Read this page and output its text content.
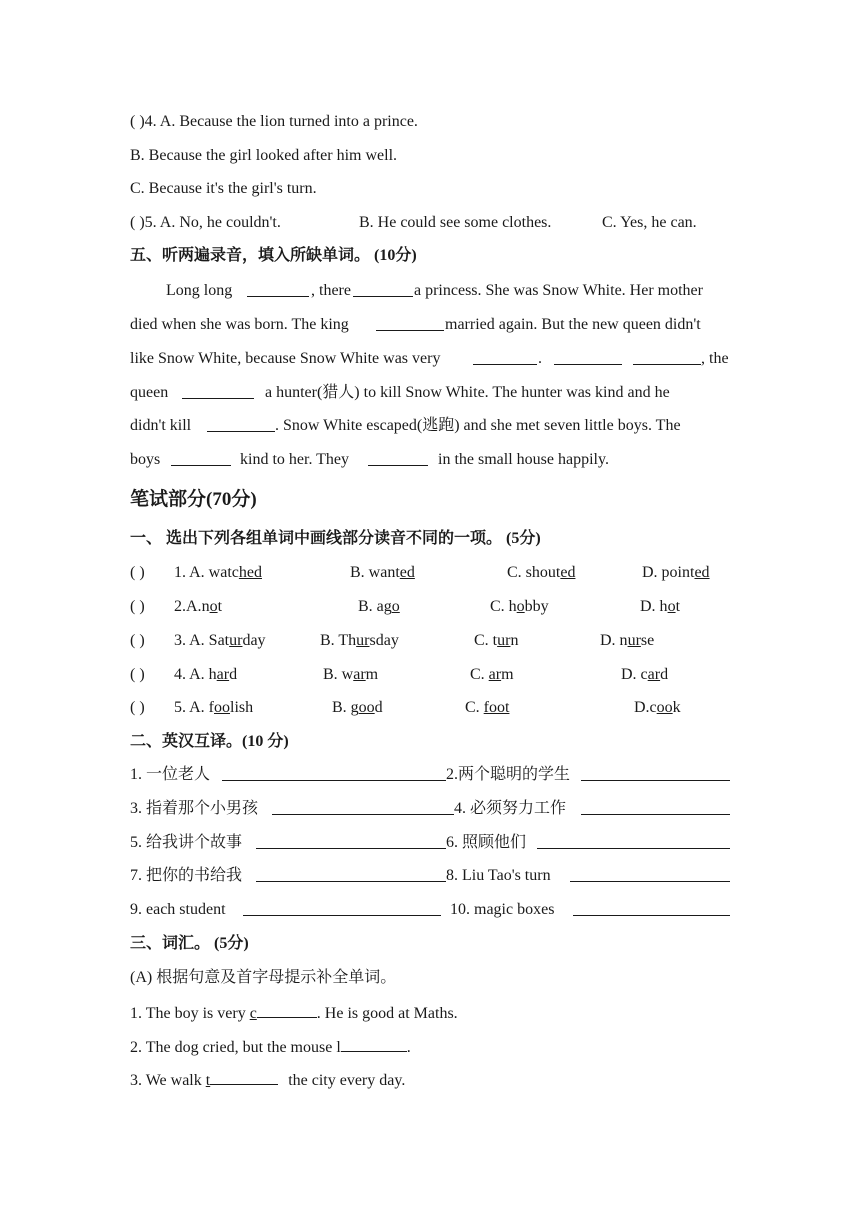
( )4. A. Because the lion turned into a prince.
B. Because the girl looked after him well.
C. Because it's the girl's turn.
( )5. A. No, he couldn't.	B. He could see some clothes.	C. Yes, he can.
五、听两遍录音，填入所缺单词。 (10分)
Long long	, there	a princess. She was Snow White. Her mother
died when she was born. The king	married again. But the new queen didn't
like Snow White, because Snow White was very	.	, the
queen	a hunter(猎人) to kill Snow White. The hunter was kind and he
didn't kill	. Snow White escaped(逃跑) and she met seven little boys. The
boys	kind to her. They	in the small house happily.
笔试部分(70分)
一、 选出下列各组单词中画线部分读音不同的一项。 (5分)
( ) 1. A. watched	B. wanted	C. shouted	D. pointed
( ) 2.A.not	B. ago	C. hobby	D. hot
( ) 3. A. Saturday	B. Thursday	C. turn	D. nurse
( ) 4. A. hard	B. warm	C. arm	D. card
( ) 5. A. foolish	B. good	C. foot	D.cook
二、英汉互译。(10 分)
1. 一位老人	2.两个聪明的学生
3. 指着那个小男孩	4. 必须努力工作
5. 给我讲个故事	6. 照顾他们
7. 把你的书给我	8. Liu Tao's turn
9. each student	10. magic boxes
三、词汇。 (5分)
(A) 根据句意及首字母提示补全单词。
1. The boy is very c	. He is good at Maths.
2. The dog cried, but the mouse l	.
3. We walk t	the city every day.
